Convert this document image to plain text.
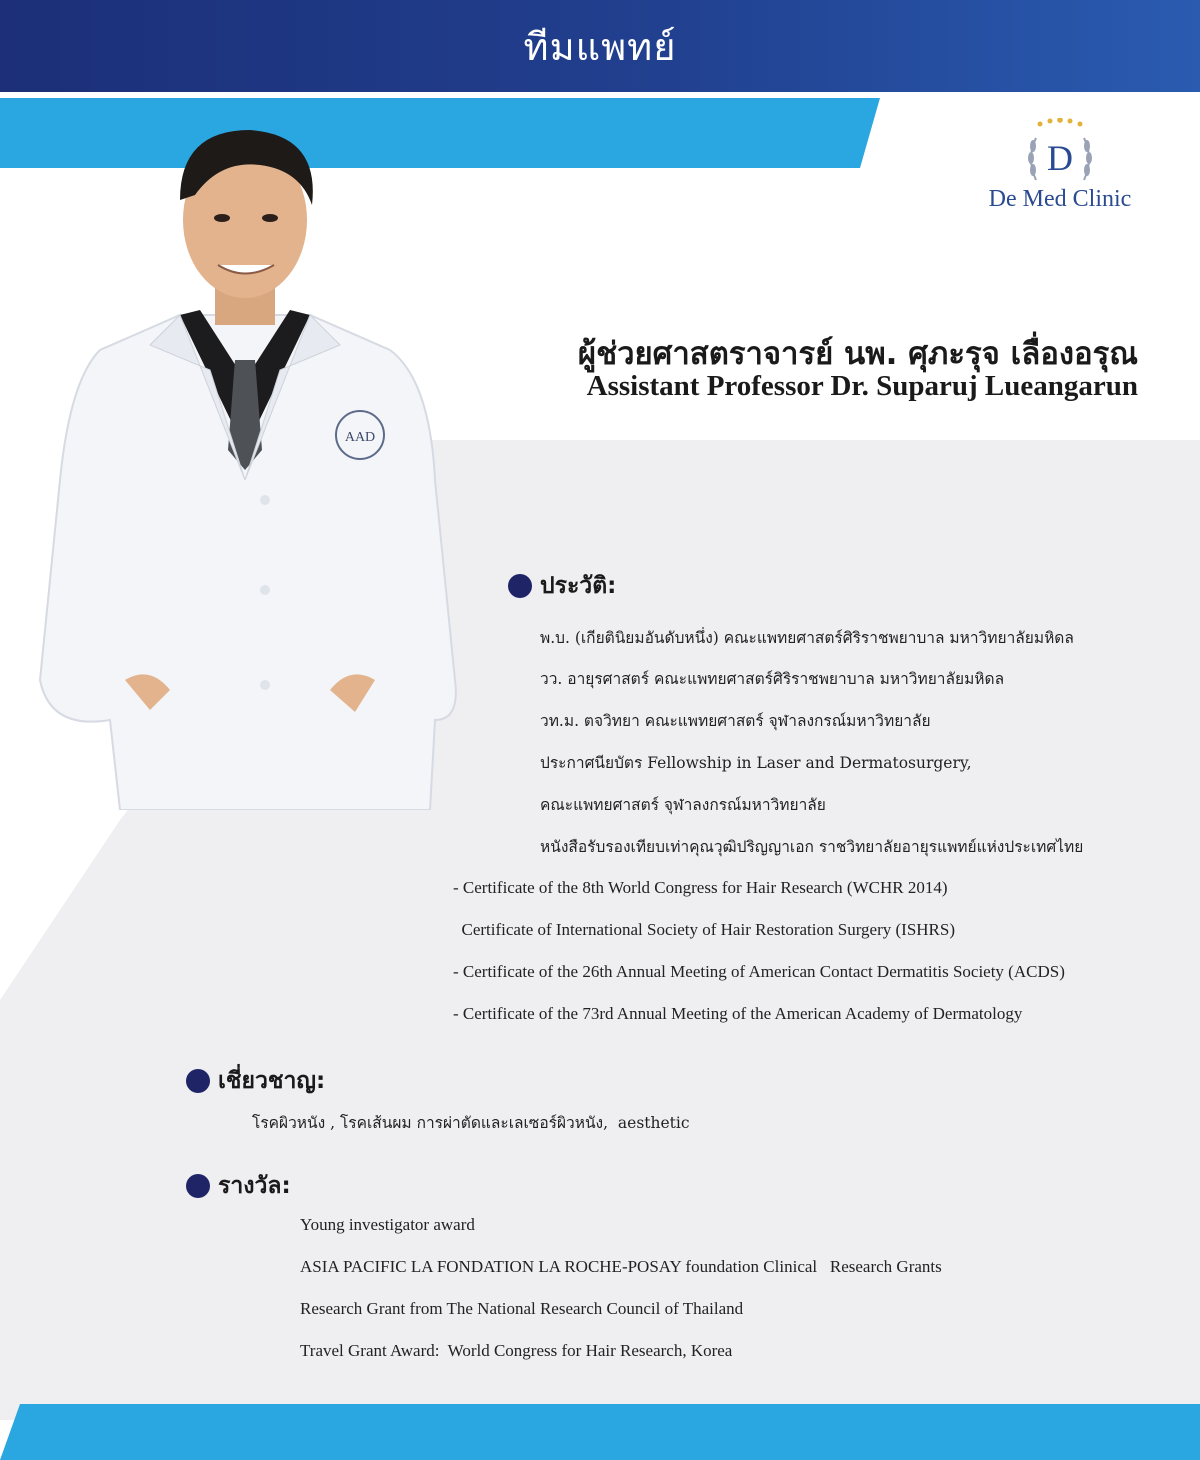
ทีมแพทย์
D
De Med Clinic
AAD
ผู้ช่วยศาสตราจารย์ นพ. ศุภะรุจ เลื่องอรุณ
Assistant Professor Dr. Suparuj Lueangarun
ประวัติ:
พ.บ. (เกียตินิยมอันดับหนึ่ง) คณะแพทยศาสตร์ศิริราชพยาบาล มหาวิทยาลัยมหิดล
วว. อายุรศาสตร์ คณะแพทยศาสตร์ศิริราชพยาบาล มหาวิทยาลัยมหิดล
วท.ม. ตจวิทยา คณะแพทยศาสตร์ จุฬาลงกรณ์มหาวิทยาลัย
ประกาศนียบัตร Fellowship in Laser and Dermatosurgery,
คณะแพทยศาสตร์ จุฬาลงกรณ์มหาวิทยาลัย
หนังสือรับรองเทียบเท่าคุณวุฒิปริญญาเอก ราชวิทยาลัยอายุรแพทย์แห่งประเทศไทย
- Certificate of the 8th World Congress for Hair Research (WCHR 2014)
Certificate of International Society of Hair Restoration Surgery (ISHRS)
- Certificate of the 26th Annual Meeting of American Contact Dermatitis Society (ACDS)
- Certificate of the 73rd Annual Meeting of the American Academy of Dermatology
เชี่ยวชาญ:
โรคผิวหนัง , โรคเส้นผม การผ่าตัดและเลเซอร์ผิวหนัง,  aesthetic
รางวัล:
Young investigator award
ASIA PACIFIC LA FONDATION LA ROCHE-POSAY foundation Clinical   Research Grants
Research Grant from The National Research Council of Thailand
Travel Grant Award:  World Congress for Hair Research, Korea
